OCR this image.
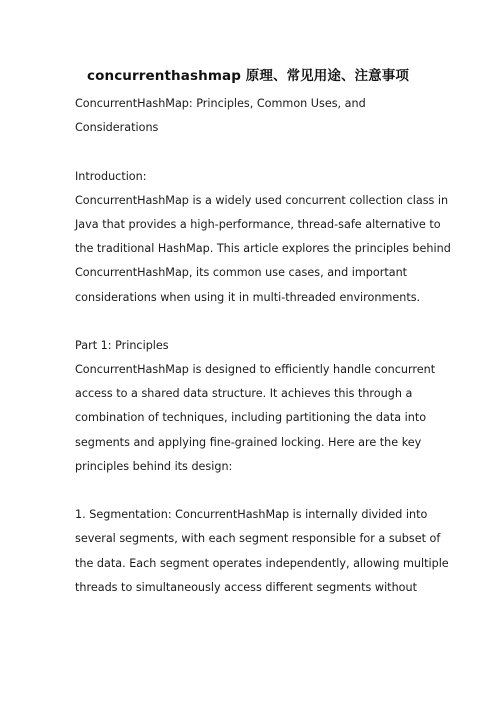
concurrenthashmap 原理、常见用途、注意事项
ConcurrentHashMap: Principles, Common Uses, and
Considerations
Introduction:
ConcurrentHashMap is a widely used concurrent collection class in
Java that provides a high-performance, thread-safe alternative to
the traditional HashMap. This article explores the principles behind
ConcurrentHashMap, its common use cases, and important
considerations when using it in multi-threaded environments.
Part 1: Principles
ConcurrentHashMap is designed to efficiently handle concurrent
access to a shared data structure. It achieves this through a
combination of techniques, including partitioning the data into
segments and applying fine-grained locking. Here are the key
principles behind its design:
1. Segmentation: ConcurrentHashMap is internally divided into
several segments, with each segment responsible for a subset of
the data. Each segment operates independently, allowing multiple
threads to simultaneously access different segments without
